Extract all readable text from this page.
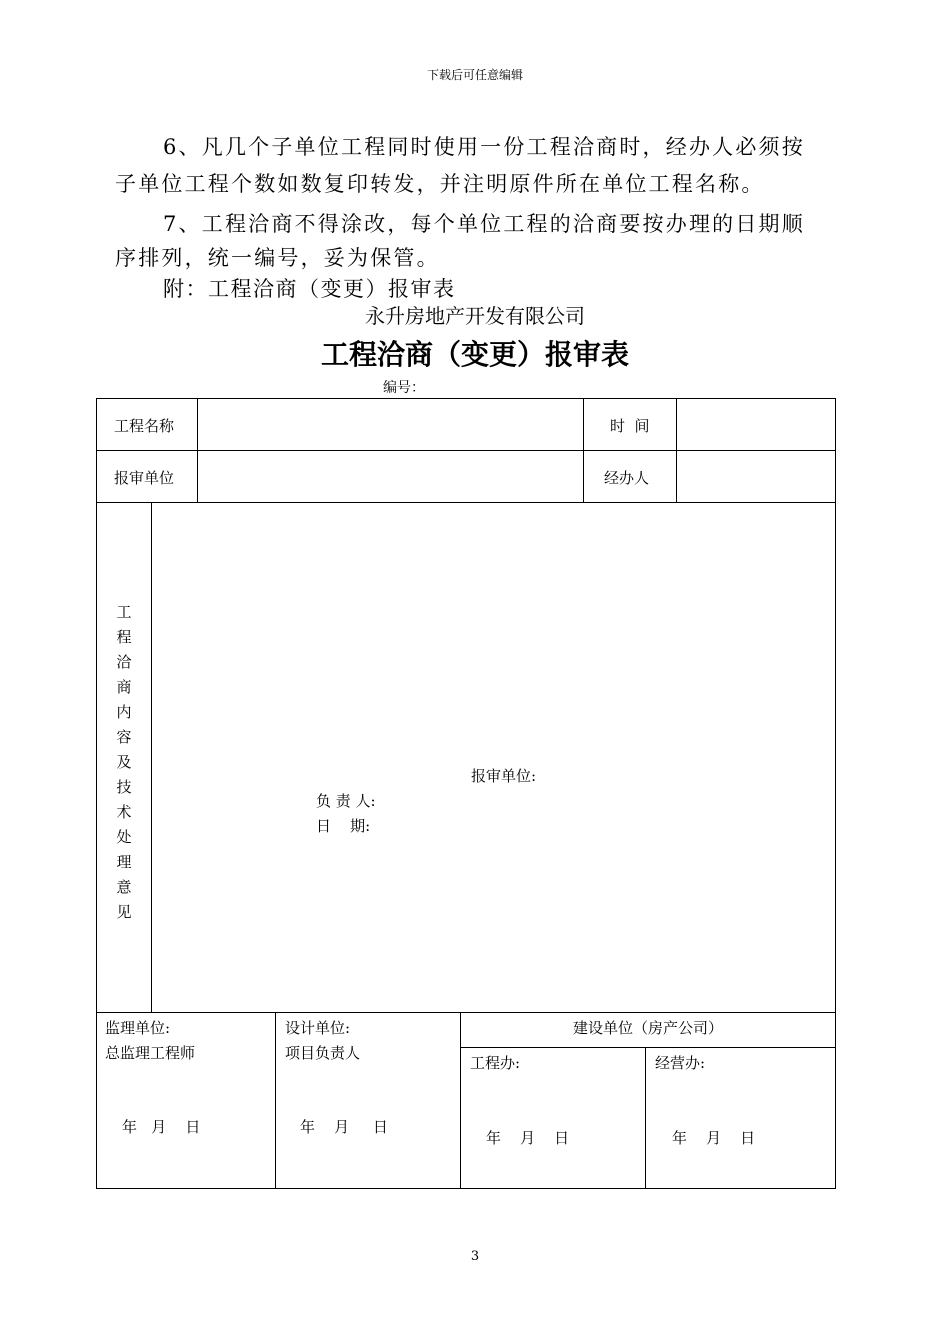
下载后可任意编辑
6、凡几个子单位工程同时使用一份工程洽商时，经办人必须按
子单位工程个数如数复印转发，并注明原件所在单位工程名称。
7、工程洽商不得涂改，每个单位工程的洽商要按办理的日期顺
序排列，统一编号，妥为保管。
附：工程洽商（变更）报审表
永升房地产开发有限公司
工程洽商（变更）报审表
编号：
工程名称	时  间
报审单位	经办人
工
程
洽
商
内
容
及
技
术
处
理
意
见
报审单位:
负 责 人:
日    期:
监理单位:
总监理工程师
年   月    日
设计单位:
项目负责人
年    月     日
建设单位（房产公司）
工程办:
年    月    日
经营办:
年    月    日
3
